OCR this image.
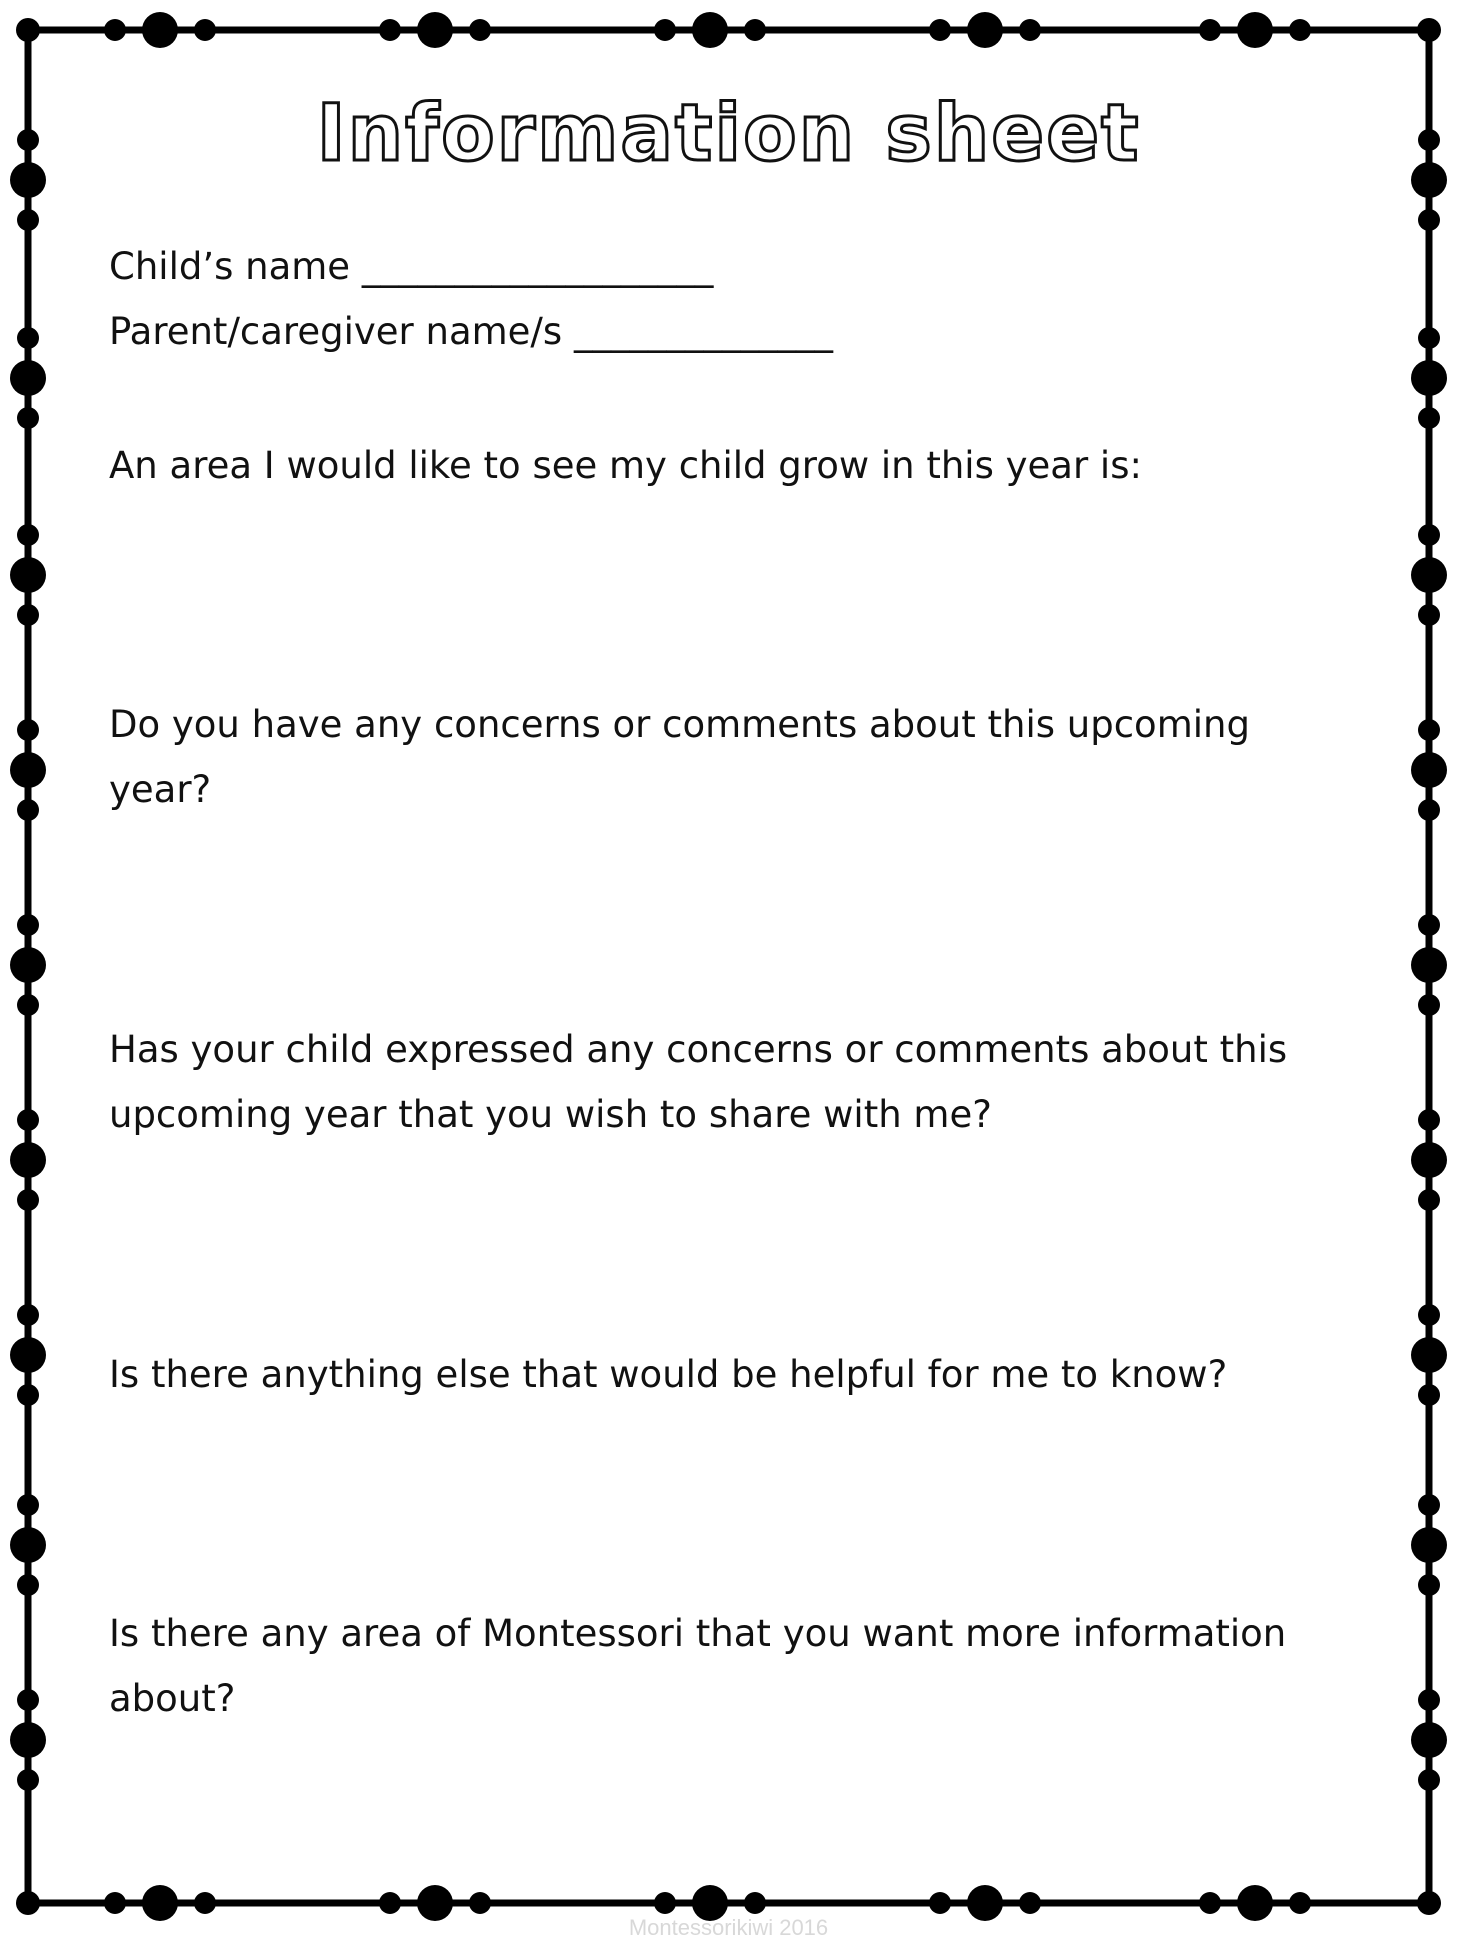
Information sheet
Child’s name ___________________
Parent/caregiver name/s ______________
An area I would like to see my child grow in this year is:
Do you have any concerns or comments about this upcoming year?
Has your child expressed any concerns or comments about this upcoming year that you wish to share with me?
Is there anything else that would be helpful for me to know?
Is there any area of Montessori that you want more information about?
Montessorikiwi 2016
